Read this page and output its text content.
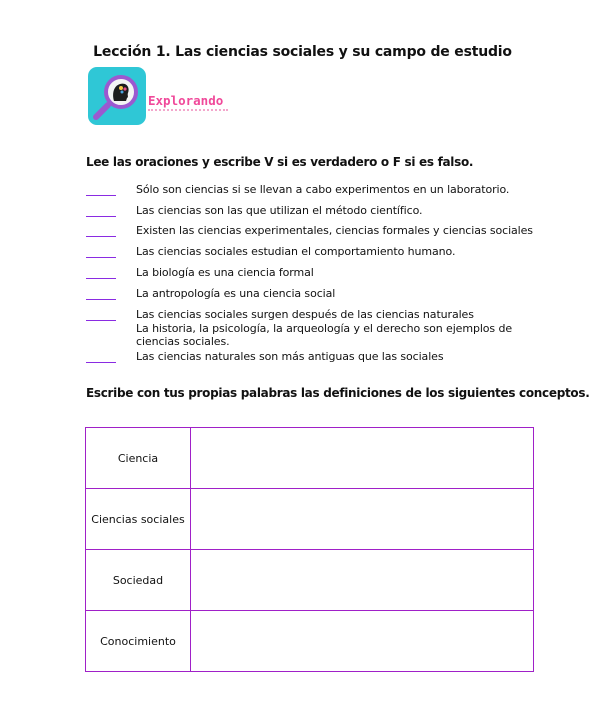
Lección 1. Las ciencias sociales y su campo de estudio
Explorando
Lee las oraciones y escribe V si es verdadero o F si es falso.
Sólo son ciencias si se llevan a cabo experimentos en un laboratorio.
Las ciencias son las que utilizan el método científico.
Existen las ciencias experimentales, ciencias formales y ciencias sociales
Las ciencias sociales estudian el comportamiento humano.
La biología es una ciencia formal
La antropología es una ciencia social
Las ciencias sociales surgen después de las ciencias naturales
La historia, la psicología, la arqueología y el derecho son ejemplos de ciencias sociales.
Las ciencias naturales son más antiguas que las sociales
Escribe con tus propias palabras las definiciones de los siguientes conceptos.
Ciencia	
Ciencias sociales	
Sociedad	
Conocimiento	
